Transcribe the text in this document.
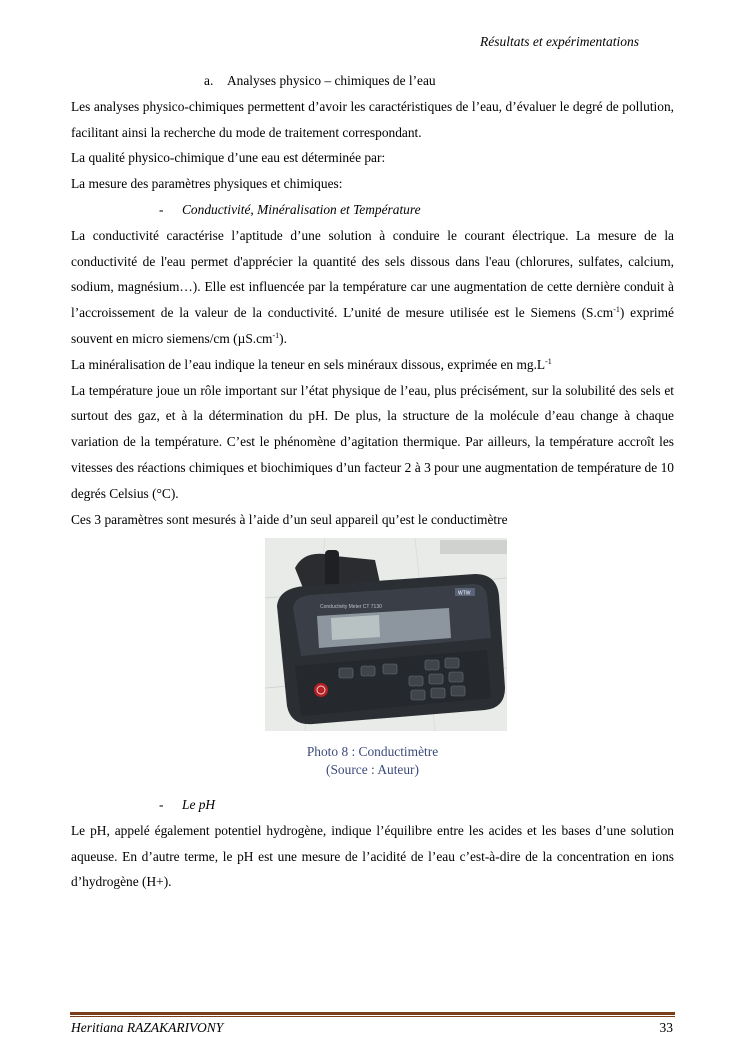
Résultats et expérimentations

a. Analyses physico – chimiques de l’eau

Les analyses physico-chimiques permettent d’avoir les caractéristiques de l’eau, d’évaluer le degré de pollution, facilitant ainsi la recherche du mode de traitement correspondant.

La qualité physico-chimique d’une eau est déterminée par:

La mesure des paramètres physiques et chimiques:

- Conductivité, Minéralisation et Température

La conductivité caractérise l’aptitude d’une solution à conduire le courant électrique. La mesure de la conductivité de l'eau permet d'apprécier la quantité des sels dissous dans l'eau (chlorures, sulfates, calcium, sodium, magnésium…). Elle est influencée par la température car une augmentation de cette dernière conduit à l’accroissement de la valeur de la conductivité. L’unité de mesure utilisée est le Siemens $(S.cm^{-1})$ exprimé souvent en micro siemens/cm $(\mu S.cm^{-1})$.

La minéralisation de l’eau indique la teneur en sels minéraux dissous, exprimée en $mg.L^{-1}$

La température joue un rôle important sur l’état physique de l’eau, plus précisément, sur la solubilité des sels et surtout des gaz, et à la détermination du pH. De plus, la structure de la molécule d’eau change à chaque variation de la température. C’est le phénomène d’agitation thermique. Par ailleurs, la température accroît les vitesses des réactions chimiques et biochimiques d’un facteur 2 à 3 pour une augmentation de température de 10 degrés Celsius (°C).

Ces 3 paramètres sont mesurés à l’aide d’un seul appareil qu’est le conductimètre

Conductivity Meter CT 7130
WTW
Photo 8 : Conductimètre
(Source : Auteur)

- Le pH

Le pH, appelé également potentiel hydrogène, indique l’équilibre entre les acides et les bases d’une solution aqueuse. En d’autre terme, le pH est une mesure de l’acidité de l’eau c’est-à-dire de la concentration en ions d’hydrogène (H+).

Heritiana RAZAKARIVONY	33
